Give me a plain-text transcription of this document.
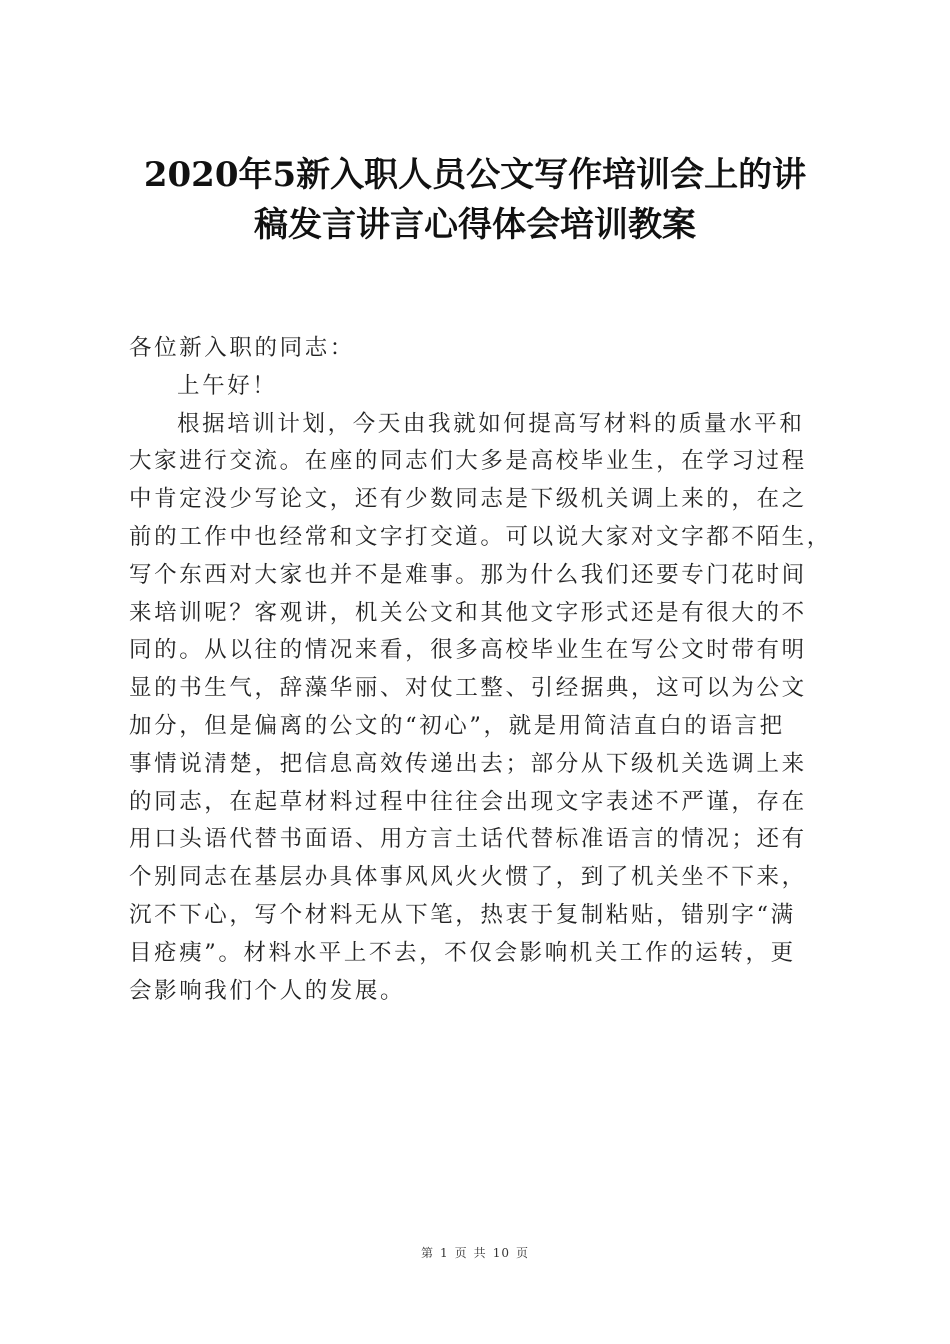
2020年5新入职人员公文写作培训会上的讲
稿发言讲言心得体会培训教案
各位新入职的同志：
上午好！
根据培训计划，今天由我就如何提高写材料的质量水平和
大家进行交流。在座的同志们大多是高校毕业生，在学习过程
中肯定没少写论文，还有少数同志是下级机关调上来的，在之
前的工作中也经常和文字打交道。可以说大家对文字都不陌生，
写个东西对大家也并不是难事。那为什么我们还要专门花时间
来培训呢？客观讲，机关公文和其他文字形式还是有很大的不
同的。从以往的情况来看，很多高校毕业生在写公文时带有明
显的书生气，辞藻华丽、对仗工整、引经据典，这可以为公文
加分，但是偏离的公文的“初心”，就是用简洁直白的语言把
事情说清楚，把信息高效传递出去；部分从下级机关选调上来
的同志，在起草材料过程中往往会出现文字表述不严谨，存在
用口头语代替书面语、用方言土话代替标准语言的情况；还有
个别同志在基层办具体事风风火火惯了，到了机关坐不下来，
沉不下心，写个材料无从下笔，热衷于复制粘贴，错别字“满
目疮痍”。材料水平上不去，不仅会影响机关工作的运转，更
会影响我们个人的发展。
第 1 页 共 10 页
